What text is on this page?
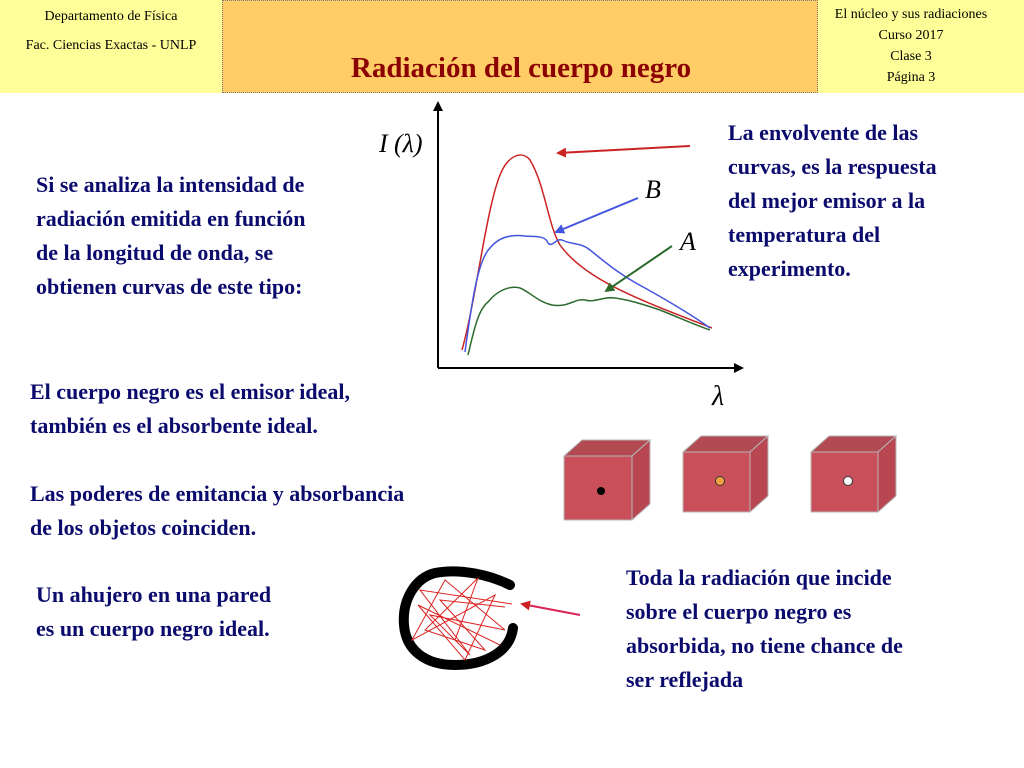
Departamento de Física
Fac. Ciencias Exactas - UNLP
Radiación del cuerpo negro
El núcleo y sus radiaciones
Curso 2017
Clase 3
Página 3
Si se analiza la intensidad de
radiación emitida en función
de la longitud de onda, se
obtienen curvas de este tipo:
La envolvente de las
curvas, es la respuesta
del mejor emisor a la
temperatura del
experimento.
El cuerpo negro es el emisor ideal,
también es el absorbente ideal.
Las poderes de emitancia y absorbancia
de los objetos coinciden.
Un ahujero en una pared
es un cuerpo negro ideal.
Toda la radiación que incide
sobre el cuerpo negro es
absorbida, no tiene chance de
ser reflejada
I (λ)
λ
B
A
